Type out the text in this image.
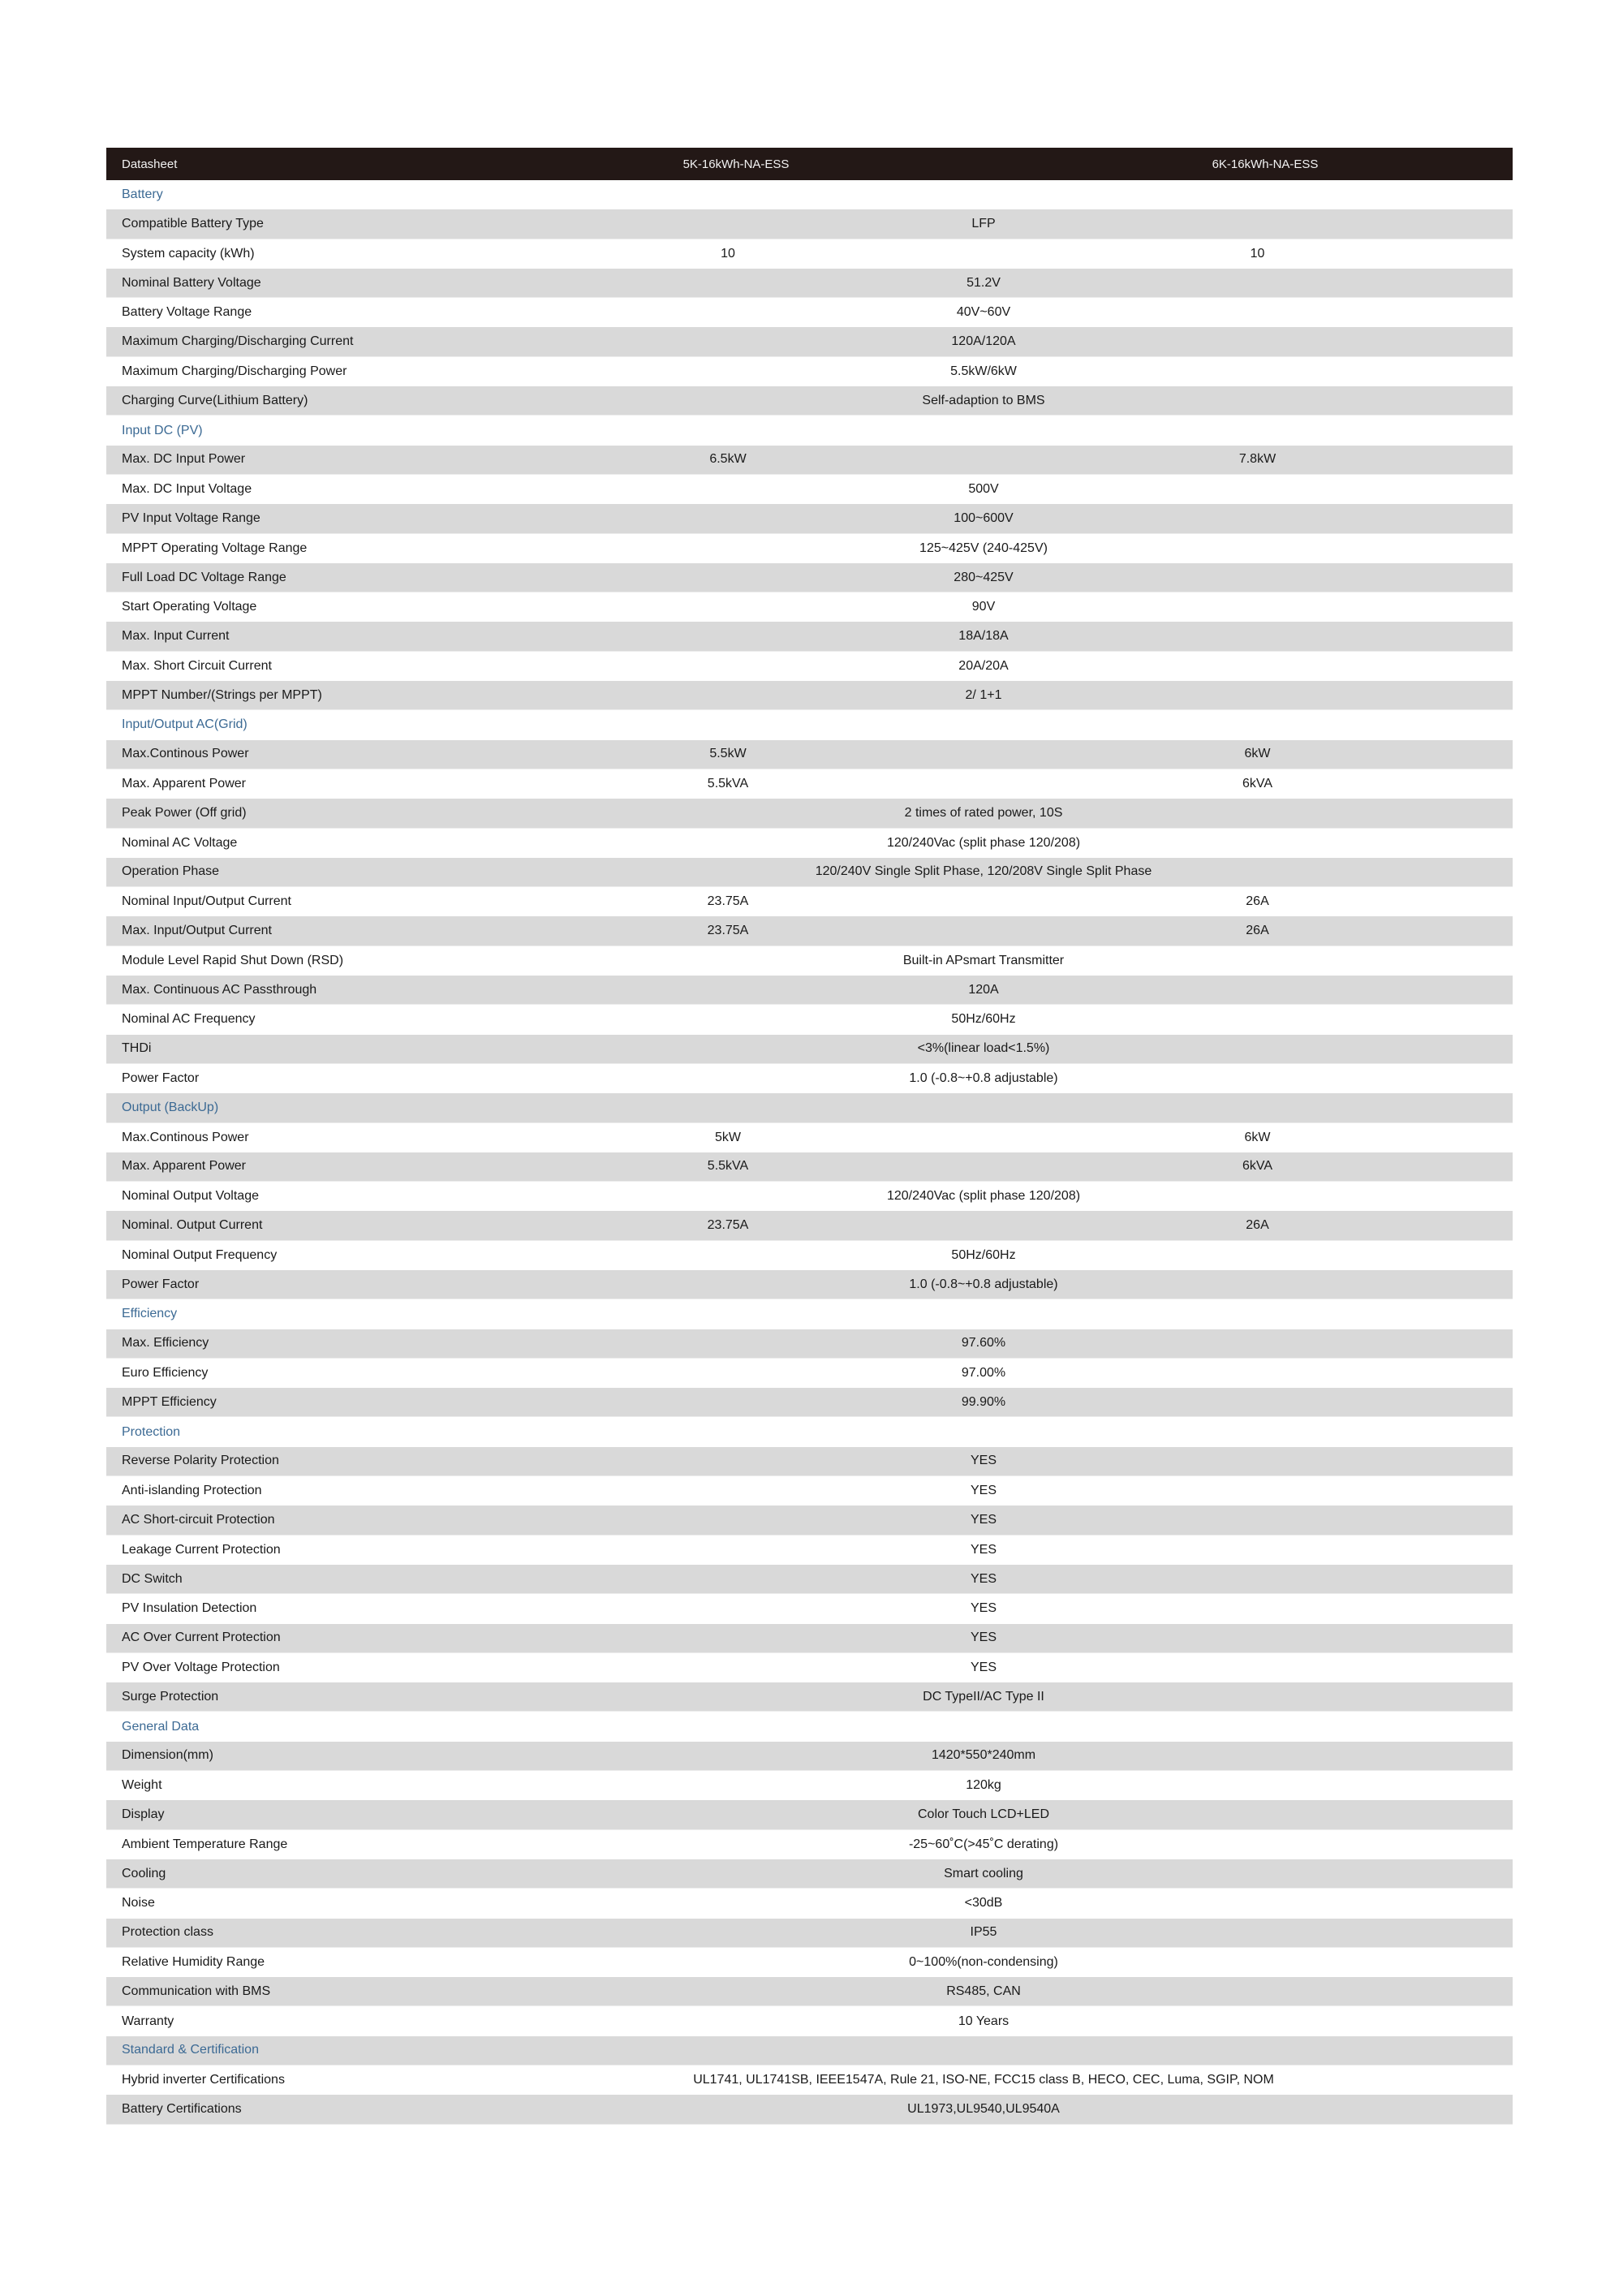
Datasheet	5K-16kWh-NA-ESS	6K-16kWh-NA-ESS
Battery
Compatible Battery Type	LFP
System capacity (kWh)	10	10
Nominal Battery Voltage	51.2V
Battery Voltage Range	40V~60V
Maximum Charging/Discharging Current	120A/120A
Maximum Charging/Discharging Power	5.5kW/6kW
Charging Curve(Lithium Battery)	Self-adaption to BMS
Input DC (PV)
Max. DC Input Power	6.5kW	7.8kW
Max. DC Input Voltage	500V
PV Input Voltage Range	100~600V
MPPT Operating Voltage Range	125~425V (240-425V)
Full Load DC Voltage Range	280~425V
Start Operating Voltage	90V
Max. Input Current	18A/18A
Max. Short Circuit Current	20A/20A
MPPT Number/(Strings per MPPT)	2/ 1+1
Input/Output AC(Grid)
Max.Continous Power	5.5kW	6kW
Max. Apparent Power	5.5kVA	6kVA
Peak Power (Off grid)	2 times of rated power, 10S
Nominal AC Voltage	120/240Vac (split phase 120/208)
Operation Phase	120/240V Single Split Phase, 120/208V Single Split Phase
Nominal Input/Output Current	23.75A	26A
Max. Input/Output Current	23.75A	26A
Module Level Rapid Shut Down (RSD)	Built-in APsmart Transmitter
Max. Continuous AC Passthrough	120A
Nominal AC Frequency	50Hz/60Hz
THDi	<3%(linear load<1.5%)
Power Factor	1.0 (-0.8~+0.8 adjustable)
Output (BackUp)
Max.Continous Power	5kW	6kW
Max. Apparent Power	5.5kVA	6kVA
Nominal Output Voltage	120/240Vac (split phase 120/208)
Nominal. Output Current	23.75A	26A
Nominal Output Frequency	50Hz/60Hz
Power Factor	1.0 (-0.8~+0.8 adjustable)
Efficiency
Max. Efficiency	97.60%
Euro Efficiency	97.00%
MPPT Efficiency	99.90%
Protection
Reverse Polarity Protection	YES
Anti-islanding Protection	YES
AC Short-circuit Protection	YES
Leakage Current Protection	YES
DC Switch	YES
PV Insulation Detection	YES
AC Over Current Protection	YES
PV Over Voltage Protection	YES
Surge Protection	DC TypeII/AC Type II
General Data
Dimension(mm)	1420*550*240mm
Weight	120kg
Display	Color Touch LCD+LED
Ambient Temperature Range	-25~60˚C(>45˚C derating)
Cooling	Smart cooling
Noise	<30dB
Protection class	IP55
Relative Humidity Range	0~100%(non-condensing)
Communication with BMS	RS485, CAN
Warranty	10 Years
Standard & Certification
Hybrid inverter Certifications	UL1741, UL1741SB, IEEE1547A, Rule 21, ISO-NE, FCC15 class B, HECO, CEC, Luma, SGIP, NOM
Battery Certifications	UL1973,UL9540,UL9540A
